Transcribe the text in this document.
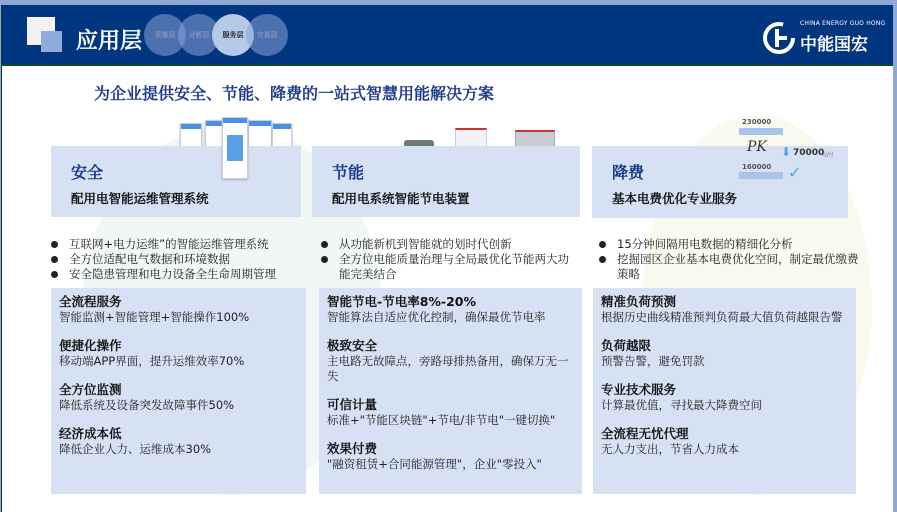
应用层	采集层	分析层	服务层	交易层
CHINA ENERGY GUO HONG
中能国宏
为企业提供安全、节能、降费的一站式智慧用能解决方案
安全
配用电智能运维管理系统
节能
配用电系统智能节电装置
降费
基本电费优化专业服务
230000
PK ⬇ 70000
元/月
160000 ✓
互联网+电力运维”的智能运维管理系统
全方位适配电气数据和环境数据
安全隐患管理和电力设备全生命周期管理
从功能新机到智能就的划时代创新
全方位电能质量治理与全局最优化节能两大功能完美结合
15分钟间隔用电数据的精细化分析
挖掘园区企业基本电费优化空间，制定最优缴费策略
全流程服务
智能监测+智能管理+智能操作100%
便捷化操作
移动端APP界面，提升运维效率70%
全方位监测
降低系统及设备突发故障事件50%
经济成本低
降低企业人力、运维成本30%
智能节电-节电率8%-20%
智能算法自适应优化控制，确保最优节电率
极致安全
主电路无故障点，旁路母排热备用，确保万无一失
可信计量
标准+"节能区块链"+节电/非节电"一键切换"
效果付费
"融资租赁+合同能源管理"，企业"零投入"
精准负荷预测
根据历史曲线精准预判负荷最大值负荷越限告警
负荷越限
预警告警，避免罚款
专业技术服务
计算最优值，寻找最大降费空间
全流程无忧代理
无人力支出，节省人力成本
